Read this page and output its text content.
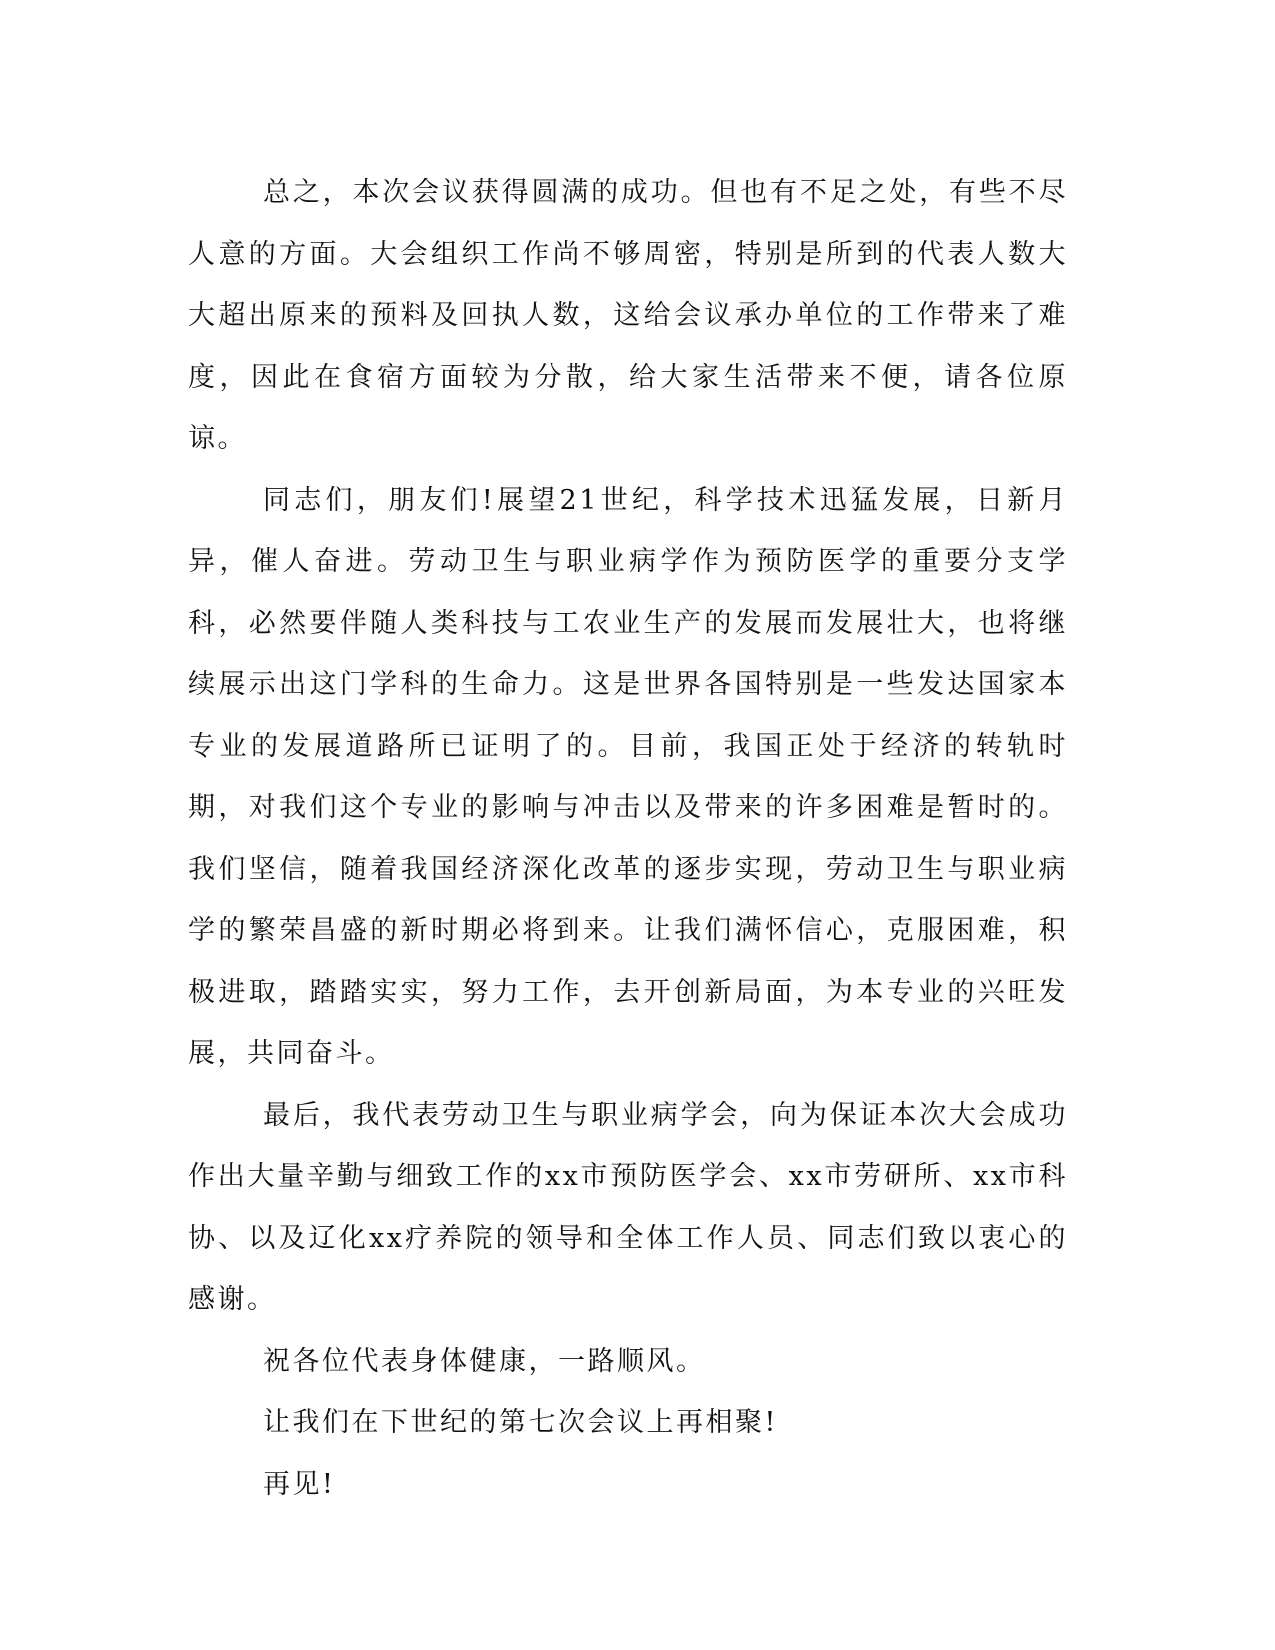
总之，本次会议获得圆满的成功。但也有不足之处，有些不尽人意的方面。大会组织工作尚不够周密，特别是所到的代表人数大大超出原来的预料及回执人数，这给会议承办单位的工作带来了难度，因此在食宿方面较为分散，给大家生活带来不便，请各位原谅。

同志们，朋友们!展望21世纪，科学技术迅猛发展，日新月异，催人奋进。劳动卫生与职业病学作为预防医学的重要分支学科，必然要伴随人类科技与工农业生产的发展而发展壮大，也将继续展示出这门学科的生命力。这是世界各国特别是一些发达国家本专业的发展道路所已证明了的。目前，我国正处于经济的转轨时期，对我们这个专业的影响与冲击以及带来的许多困难是暂时的。我们坚信，随着我国经济深化改革的逐步实现，劳动卫生与职业病学的繁荣昌盛的新时期必将到来。让我们满怀信心，克服困难，积极进取，踏踏实实，努力工作，去开创新局面，为本专业的兴旺发展，共同奋斗。

最后，我代表劳动卫生与职业病学会，向为保证本次大会成功作出大量辛勤与细致工作的xx市预防医学会、xx市劳研所、xx市科协、以及辽化xx疗养院的领导和全体工作人员、同志们致以衷心的感谢。

祝各位代表身体健康，一路顺风。

让我们在下世纪的第七次会议上再相聚!

再见!
